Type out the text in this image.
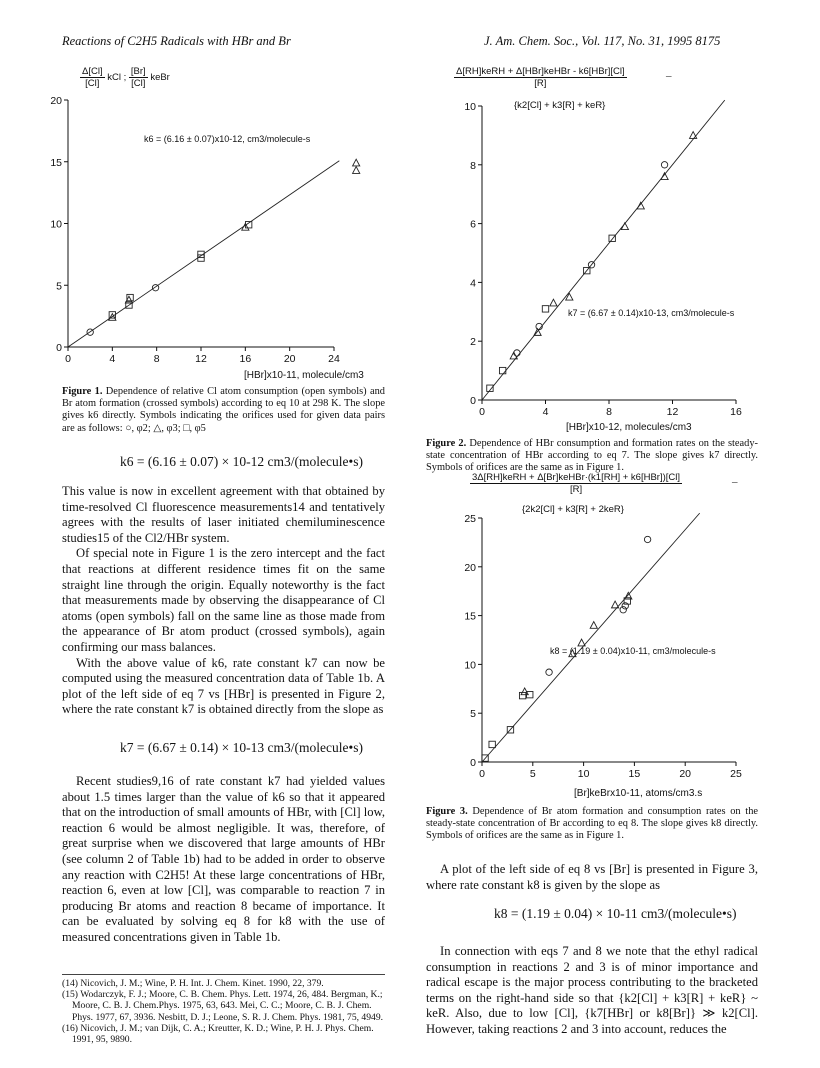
Reactions of C2H5 Radicals with HBr and Br	J. Am. Chem. Soc., Vol. 117, No. 31, 1995 8175
$\frac{\Delta[Cl]}{[Cl]}$ kCl ; $\frac{[Br]}{[Cl]}$ keBr
k6 = (6.16 ± 0.07)x10-12, cm3/molecule-s
0	4	8	12	16	20	24
0
5
10
15
20
[HBr]x10-11, molecule/cm3
Figure 1. Dependence of relative Cl atom consumption (open symbols) and Br atom formation (crossed symbols) according to eq 10 at 298 K. The slope gives k6 directly. Symbols indicating the orifices used for given data pairs are as follows: ○, φ2; △, φ3; □, φ5
k6 = (6.16 ± 0.07) × 10-12 cm3/(molecule•s)

This value is now in excellent agreement with that obtained by time-resolved Cl fluorescence measurements14 and tentatively agrees with the results of laser initiated chemiluminescence studies15 of the Cl2/HBr system.

Of special note in Figure 1 is the zero intercept and the fact that reactions at different residence times fit on the same straight line through the origin. Equally noteworthy is the fact that measurements made by observing the disappearance of Cl atoms (open symbols) fall on the same line as those made from the appearance of Br atom product (crossed symbols), again confirming our mass balances.

With the above value of k6, rate constant k7 can now be computed using the measured concentration data of Table 1b. A plot of the left side of eq 7 vs [HBr] is presented in Figure 2, where the rate constant k7 is obtained directly from the slope as

k7 = (6.67 ± 0.14) × 10-13 cm3/(molecule•s)

Recent studies9,16 of rate constant k7 had yielded values about 1.5 times larger than the value of k6 so that it appeared that on the introduction of small amounts of HBr, with [Cl] low, reaction 6 would be almost negligible. It was, therefore, of great surprise when we discovered that large amounts of HBr (see column 2 of Table 1b) had to be added in order to observe any reaction with C2H5! At these large concentrations of HBr, reaction 6, even at low [Cl], was comparable to reaction 7 in producing Br atoms and reaction 8 became of importance. It can be evaluated by solving eq 8 for k8 with the use of measured concentrations given in Table 1b.

(14) Nicovich, J. M.; Wine, P. H. Int. J. Chem. Kinet. 1990, 22, 379.

(15) Wodarczyk, F. J.; Moore, C. B. Chem. Phys. Lett. 1974, 26, 484. Bergman, K.; Moore, C. B. J. Chem.Phys. 1975, 63, 643. Mei, C. C.; Moore, C. B. J. Chem. Phys. 1977, 67, 3936. Nesbitt, D. J.; Leone, S. R. J. Chem. Phys. 1981, 75, 4949.

(16) Nicovich, J. M.; van Dijk, C. A.; Kreutter, K. D.; Wine, P. H. J. Phys. Chem. 1991, 95, 9890.

Δ[RH]keRH + Δ[HBr]keHBr - k6[HBr][Cl]
[R]
–
{k2[Cl] + k3[R] + keR}
k7 = (6.67 ± 0.14)x10-13, cm3/molecule-s
0	4	8	12	16
0
2
4
6
8
10
[HBr]x10-12, molecules/cm3
Figure 2. Dependence of HBr consumption and formation rates on the steady-state concentration of HBr according to eq 7. The slope gives k7 directly. Symbols of orifices are the same as in Figure 1.
3Δ[RH]keRH + Δ[Br]keHBr·(k1[RH] + k6[HBr])[Cl]
[R]
–
{2k2[Cl] + k3[R] + 2keR}
k8 = (1.19 ± 0.04)x10-11, cm3/molecule-s
0	5	10	15	20	25
0
5
10
15
20
25
[Br]keBrx10-11, atoms/cm3.s
Figure 3. Dependence of Br atom formation and consumption rates on the steady-state concentration of Br according to eq 8. The slope gives k8 directly. Symbols of orifices are the same as in Figure 1.

A plot of the left side of eq 8 vs [Br] is presented in Figure 3, where rate constant k8 is given by the slope as

k8 = (1.19 ± 0.04) × 10-11 cm3/(molecule•s)

In connection with eqs 7 and 8 we note that the ethyl radical consumption in reactions 2 and 3 is of minor importance and radical escape is the major process contributing to the bracketed terms on the right-hand side so that {k2[Cl] + k3[R] + keR} ~ keR. Also, due to low [Cl], {k7[HBr] or k8[Br]} ≫ k2[Cl]. However, taking reactions 2 and 3 into account, reduces the
